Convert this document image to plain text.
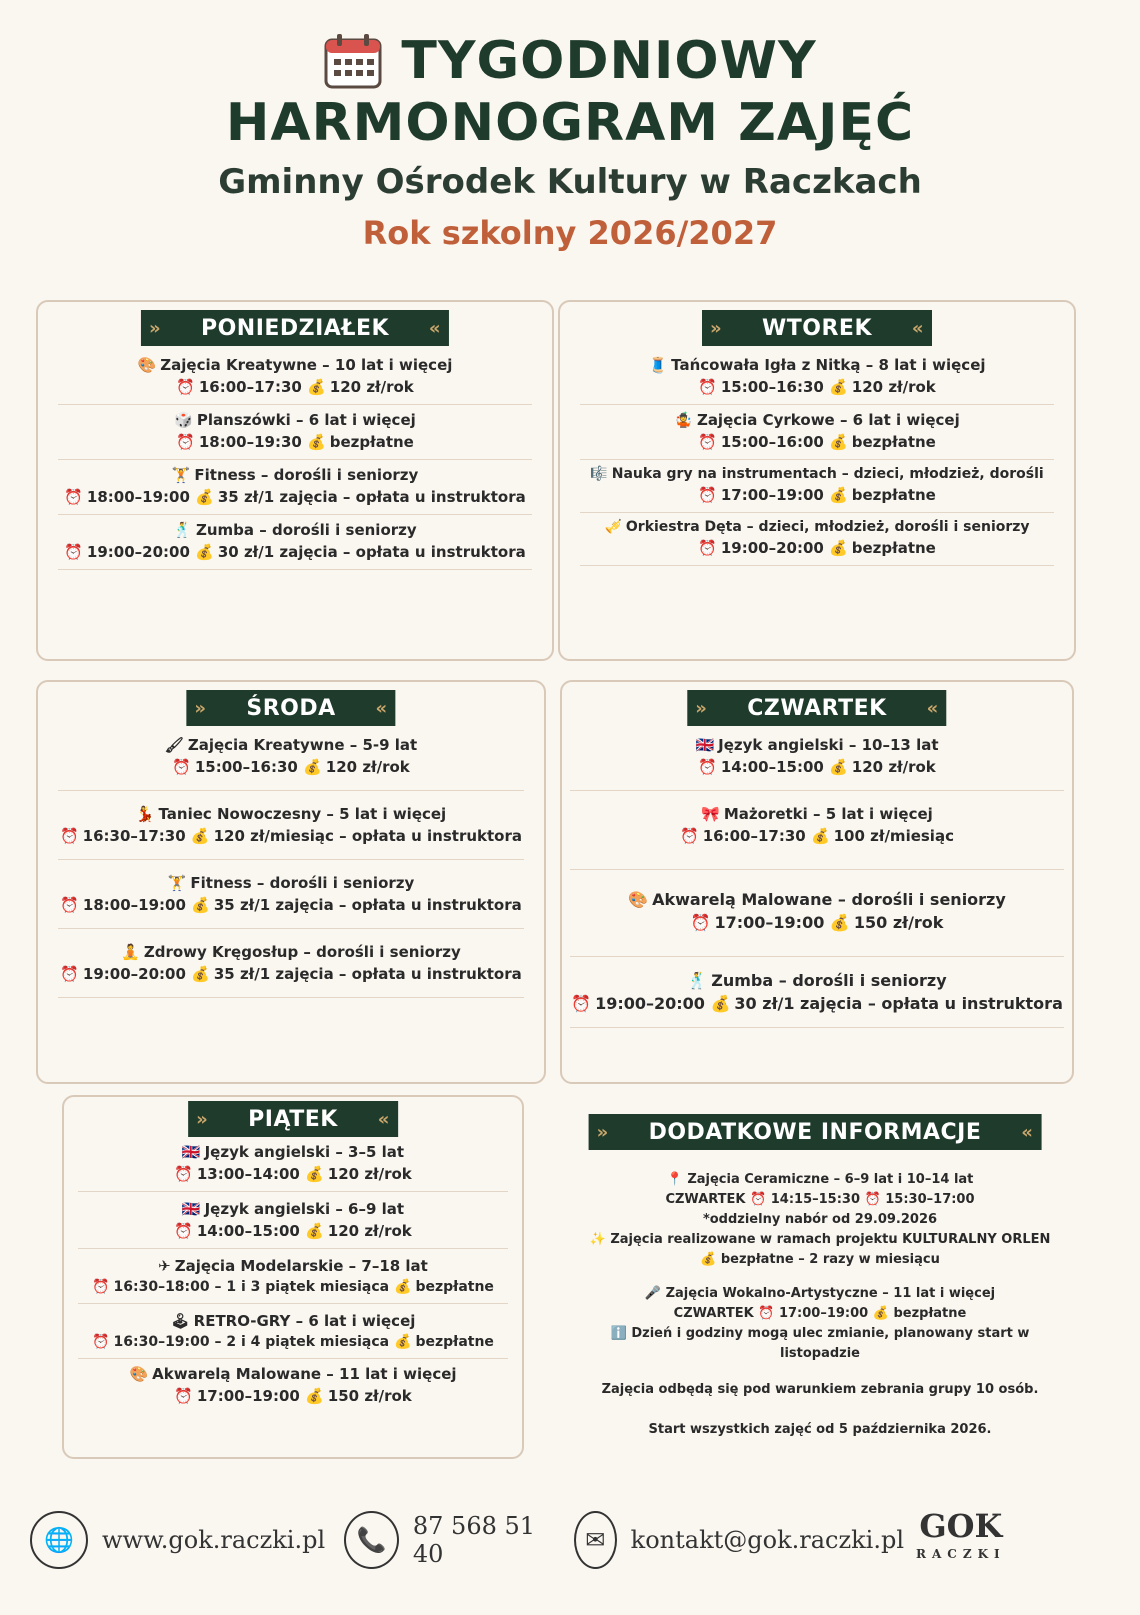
TYGODNIOWY
HARMONOGRAM ZAJĘĆ
Gminny Ośrodek Kultury w Raczkach
Rok szkolny 2026/2027
» PONIEDZIAŁEK «
🎨 Zajęcia Kreatywne – 10 lat i więcej
⏰ 16:00–17:30 💰 120 zł/rok
🎲 Planszówki – 6 lat i więcej
⏰ 18:00–19:30 💰 bezpłatne
🏋 Fitness – dorośli i seniorzy
⏰ 18:00–19:00 💰 35 zł/1 zajęcia – opłata u instruktora
🕺 Zumba – dorośli i seniorzy
⏰ 19:00–20:00 💰 30 zł/1 zajęcia – opłata u instruktora
» WTOREK «
🧵 Tańcowała Igła z Nitką – 8 lat i więcej
⏰ 15:00–16:30 💰 120 zł/rok
🤹 Zajęcia Cyrkowe – 6 lat i więcej
⏰ 15:00–16:00 💰 bezpłatne
🎼 Nauka gry na instrumentach – dzieci, młodzież, dorośli
⏰ 17:00–19:00 💰 bezpłatne
🎺 Orkiestra Dęta – dzieci, młodzież, dorośli i seniorzy
⏰ 19:00–20:00 💰 bezpłatne
» ŚRODA «
🖌 Zajęcia Kreatywne – 5-9 lat
⏰ 15:00–16:30 💰 120 zł/rok
💃 Taniec Nowoczesny – 5 lat i więcej
⏰ 16:30–17:30 💰 120 zł/miesiąc – opłata u instruktora
🏋 Fitness – dorośli i seniorzy
⏰ 18:00–19:00 💰 35 zł/1 zajęcia – opłata u instruktora
🧘 Zdrowy Kręgosłup – dorośli i seniorzy
⏰ 19:00–20:00 💰 35 zł/1 zajęcia – opłata u instruktora
» CZWARTEK «
🇬🇧 Język angielski – 10–13 lat
⏰ 14:00–15:00 💰 120 zł/rok
🎀 Mażoretki – 5 lat i więcej
⏰ 16:00–17:30 💰 100 zł/miesiąc
🎨 Akwarelą Malowane – dorośli i seniorzy
⏰ 17:00–19:00 💰 150 zł/rok
🕺 Zumba – dorośli i seniorzy
⏰ 19:00–20:00 💰 30 zł/1 zajęcia – opłata u instruktora
» PIĄTEK «
🇬🇧 Język angielski – 3–5 lat
⏰ 13:00–14:00 💰 120 zł/rok
🇬🇧 Język angielski – 6–9 lat
⏰ 14:00–15:00 💰 120 zł/rok
✈ Zajęcia Modelarskie – 7–18 lat
⏰ 16:30–18:00 – 1 i 3 piątek miesiąca 💰 bezpłatne
🕹 RETRO-GRY – 6 lat i więcej
⏰ 16:30–19:00 – 2 i 4 piątek miesiąca 💰 bezpłatne
🎨 Akwarelą Malowane – 11 lat i więcej
⏰ 17:00–19:00 💰 150 zł/rok
» DODATKOWE INFORMACJE «
📍 Zajęcia Ceramiczne – 6–9 lat i 10–14 lat
CZWARTEK ⏰ 14:15–15:30 ⏰ 15:30–17:00
*oddzielny nabór od 29.09.2026
✨ Zajęcia realizowane w ramach projektu KULTURALNY ORLEN
💰 bezpłatne – 2 razy w miesiącu
🎤 Zajęcia Wokalno-Artystyczne – 11 lat i więcej
CZWARTEK ⏰ 17:00–19:00 💰 bezpłatne
ℹ️ Dzień i godziny mogą ulec zmianie, planowany start w listopadzie
Zajęcia odbędą się pod warunkiem zebrania grupy 10 osób.
Start wszystkich zajęć od 5 października 2026.
🌐	www.gok.raczki.pl	📞	87 568 51 40	✉	kontakt@gok.raczki.pl GOK
RACZKI
